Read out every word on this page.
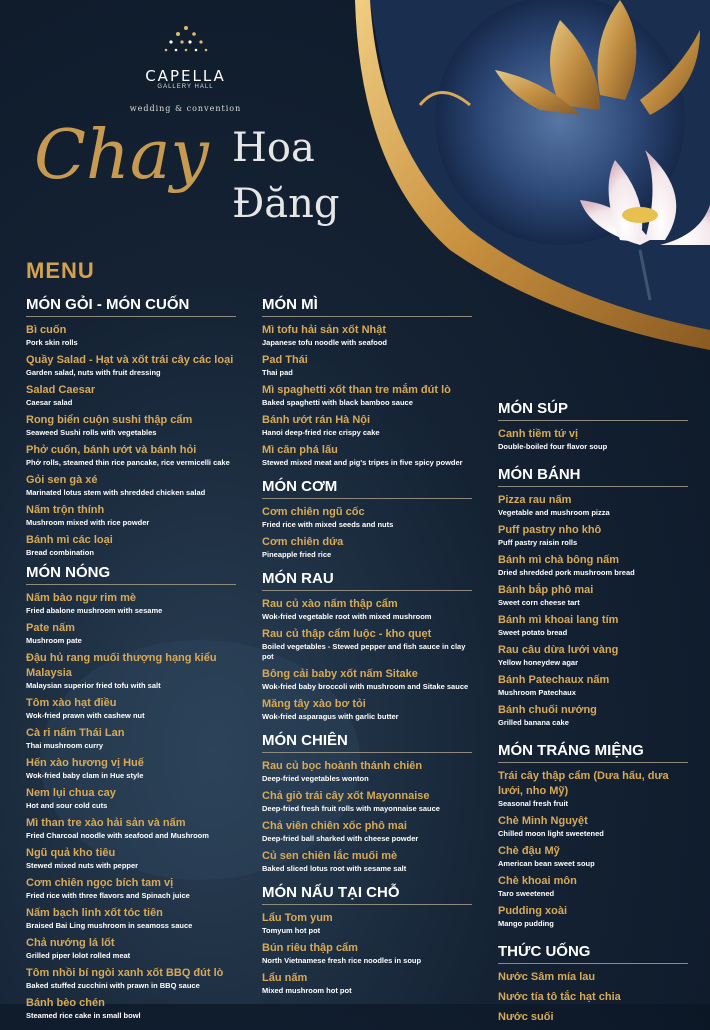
CAPELLA
GALLERY HALL
wedding & convention
Chay Hoa
Đăng
MENU
MÓN GỎI - MÓN CUỐN
Bì cuốn
Pork skin rolls
Quầy Salad - Hạt và xốt trái cây các loại
Garden salad, nuts with fruit dressing
Salad Caesar
Caesar salad
Rong biển cuộn sushi thập cẩm
Seaweed Sushi rolls with vegetables
Phở cuốn, bánh ướt và bánh hỏi
Phở rolls, steamed thin rice pancake, rice vermicelli cake
Gỏi sen gà xé
Marinated lotus stem with shredded chicken salad
Nấm trộn thính
Mushroom mixed with rice powder
Bánh mì các loại
Bread combination
MÓN NÓNG
Nấm bào ngư rim mè
Fried abalone mushroom with sesame
Pate nấm
Mushroom pate
Đậu hủ rang muối thượng hạng kiểu Malaysia
Malaysian superior fried tofu with salt
Tôm xào hạt điều
Wok-fried prawn with cashew nut
Cà ri nấm Thái Lan
Thai mushroom curry
Hến xào hương vị Huế
Wok-fried baby clam in Hue style
Nem lụi chua cay
Hot and sour cold cuts
Mì than tre xào hải sản và nấm
Fried Charcoal noodle with seafood and Mushroom
Ngũ quả kho tiêu
Stewed mixed nuts with pepper
Cơm chiên ngọc bích tam vị
Fried rice with three flavors and Spinach juice
Nấm bạch linh xốt tóc tiên
Braised Bai Ling mushroom in seamoss sauce
Chả nướng lá lốt
Grilled piper lolot rolled meat
Tôm nhồi bí ngòi xanh xốt BBQ đút lò
Baked stuffed zucchini with prawn in BBQ sauce
Bánh bèo chén
Steamed rice cake in small bowl
MÓN MÌ
Mì tofu hải sản xốt Nhật
Japanese tofu noodle with seafood
Pad Thái
Thai pad
Mì spaghetti xốt than tre mắm đút lò
Baked spaghetti with black bamboo sauce
Bánh ướt rán Hà Nội
Hanoi deep-fried rice crispy cake
Mì căn phá lấu
Stewed mixed meat and pig's tripes in five spicy powder
MÓN CƠM
Cơm chiên ngũ cốc
Fried rice with mixed seeds and nuts
Cơm chiên dứa
Pineapple fried rice
MÓN RAU
Rau củ xào nấm thập cẩm
Wok-fried vegetable root with mixed mushroom
Rau củ thập cẩm luộc - kho quẹt
Boiled vegetables - Stewed pepper and fish sauce in clay pot
Bông cải baby xốt nấm Sitake
Wok-fried baby broccoli with mushroom and Sitake sauce
Măng tây xào bơ tỏi
Wok-fried asparagus with garlic butter
MÓN CHIÊN
Rau củ bọc hoành thánh chiên
Deep-fried vegetables wonton
Chả giò trái cây xốt Mayonnaise
Deep-fried fresh fruit rolls with mayonnaise sauce
Chả viên chiên xốc phô mai
Deep-fried ball sharked with cheese powder
Củ sen chiên lắc muối mè
Baked sliced lotus root with sesame salt
MÓN NẤU TẠI CHỖ
Lẩu Tom yum
Tomyum hot pot
Bún riêu thập cẩm
North Vietnamese fresh rice noodles in soup
Lẩu nấm
Mixed mushroom hot pot
MÓN SÚP
Canh tiềm tứ vị
Double-boiled four flavor soup
MÓN BÁNH
Pizza rau nấm
Vegetable and mushroom pizza
Puff pastry nho khô
Puff pastry raisin rolls
Bánh mì chà bông nấm
Dried shredded pork mushroom bread
Bánh bắp phô mai
Sweet corn cheese tart
Bánh mì khoai lang tím
Sweet potato bread
Rau câu dừa lưới vàng
Yellow honeydew agar
Bánh Patechaux nấm
Mushroom Patechaux
Bánh chuối nướng
Grilled banana cake
MÓN TRÁNG MIỆNG
Trái cây thập cẩm (Dưa hấu, dưa lưới, nho Mỹ)
Seasonal fresh fruit
Chè Minh Nguyệt
Chilled moon light sweetened
Chè đậu Mỹ
American bean sweet soup
Chè khoai môn
Taro sweetened
Pudding xoài
Mango pudding
THỨC UỐNG
Nước Sâm mía lau
Nước tía tô tắc hạt chia
Nước suối
